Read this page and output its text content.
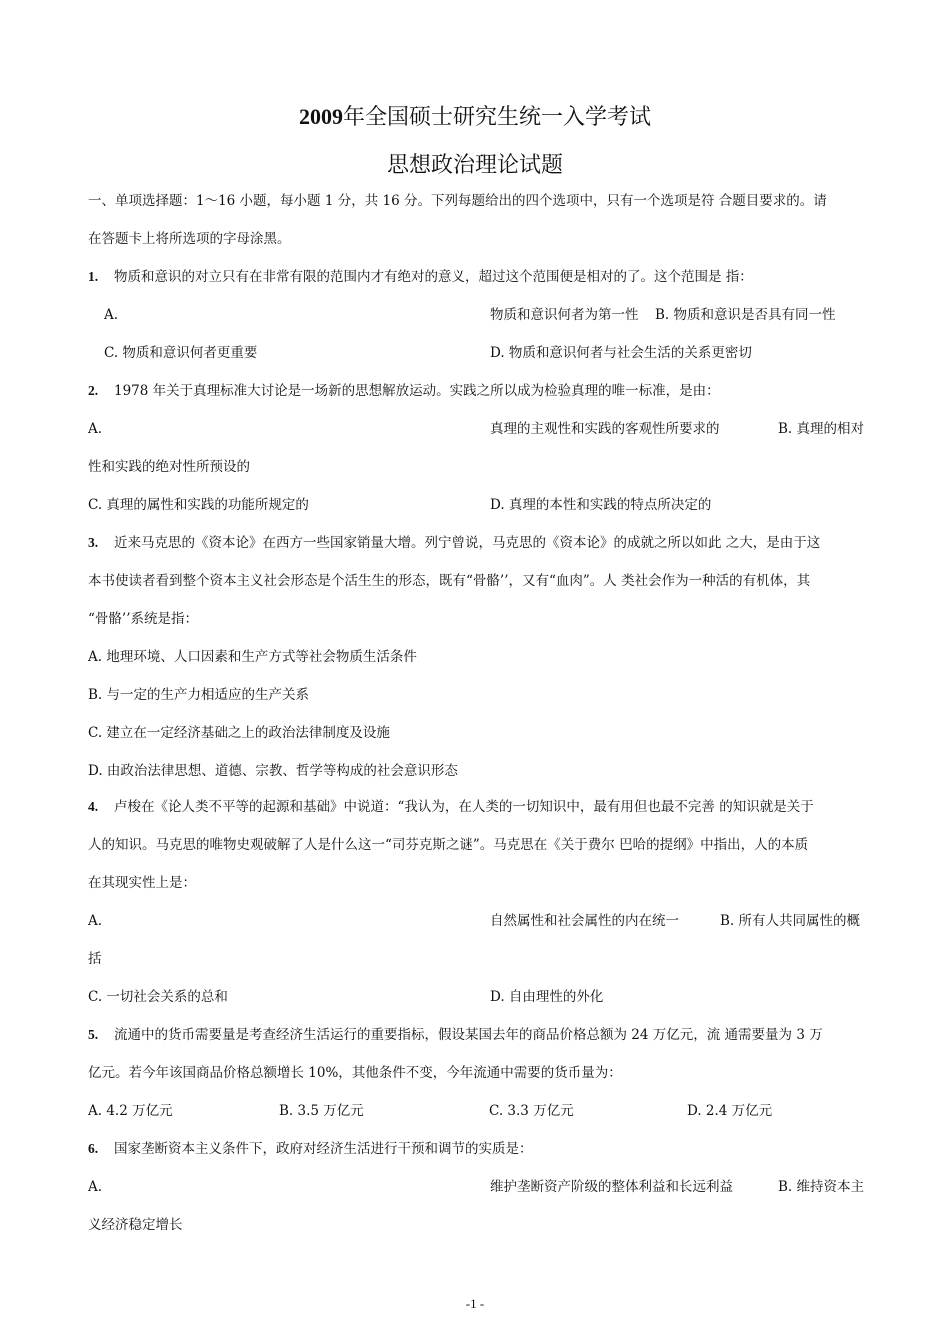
2009年全国硕士研究生统一入学考试
思想政治理论试题
一、单项选择题：1～16 小题，每小题 1 分，共 16 分。下列每题给出的四个选项中，只有一个选项是符 合题目要求的。请
在答题卡上将所选项的字母涂黑。
1. 物质和意识的对立只有在非常有限的范围内才有绝对的意义，超过这个范围便是相对的了。这个范围是 指：
A.	物质和意识何者为第一性 B. 物质和意识是否具有同一性
C. 物质和意识何者更重要	D. 物质和意识何者与社会生活的关系更密切
2. 1978 年关于真理标准大讨论是一场新的思想解放运动。实践之所以成为检验真理的唯一标准，是由：
A.	真理的主观性和实践的客观性所要求的	B. 真理的相对
性和实践的绝对性所预设的
C. 真理的属性和实践的功能所规定的	D. 真理的本性和实践的特点所决定的
3. 近来马克思的《资本论》在西方一些国家销量大增。列宁曾说，马克思的《资本论》的成就之所以如此 之大，是由于这
本书使读者看到整个资本主义社会形态是个活生生的形态，既有“骨骼’’，又有“血肉”。人 类社会作为一种活的有机体，其
“骨骼’’系统是指：
A. 地理环境、人口因素和生产方式等社会物质生活条件
B. 与一定的生产力相适应的生产关系
C. 建立在一定经济基础之上的政治法律制度及设施
D. 由政治法律思想、道德、宗教、哲学等构成的社会意识形态
4. 卢梭在《论人类不平等的起源和基础》中说道：“我认为，在人类的一切知识中，最有用但也最不完善 的知识就是关于
人的知识。马克思的唯物史观破解了人是什么这一“司芬克斯之谜”。马克思在《关于费尔 巴哈的提纲》中指出，人的本质
在其现实性上是：
A.	自然属性和社会属性的内在统一	B. 所有人共同属性的概
括
C. 一切社会关系的总和	D. 自由理性的外化
5. 流通中的货币需要量是考查经济生活运行的重要指标，假设某国去年的商品价格总额为 24 万亿元，流 通需要量为 3 万
亿元。若今年该国商品价格总额增长 10%，其他条件不变，今年流通中需要的货币量为：
A. 4.2 万亿元	B. 3.5 万亿元	C. 3.3 万亿元	D. 2.4 万亿元
6. 国家垄断资本主义条件下，政府对经济生活进行干预和调节的实质是：
A.	维护垄断资产阶级的整体利益和长远利益	B. 维持资本主
义经济稳定增长
-1 -
